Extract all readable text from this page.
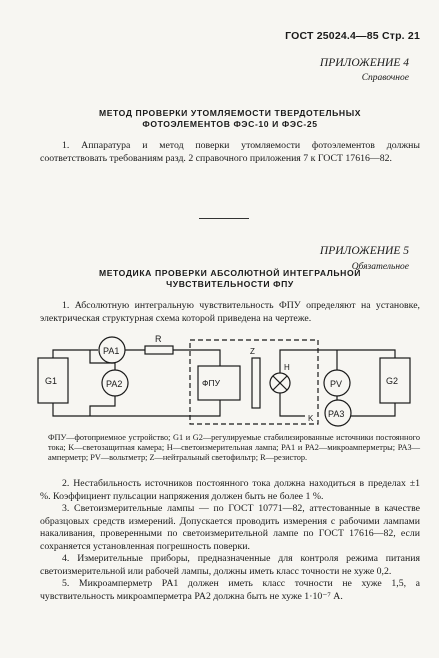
ГОСТ 25024.4—85 Стр. 21
ПРИЛОЖЕНИЕ 4
Справочное
МЕТОД ПРОВЕРКИ УТОМЛЯЕМОСТИ ТВЕРДОТЕЛЬНЫХ
ФОТОЭЛЕМЕНТОВ ФЭС-10 И ФЭС-25

1. Аппаратура и метод поверки утомляемости фотоэлементов должны соответствовать требованиям разд. 2 справочного приложения 7 к ГОСТ 17616—82.

ПРИЛОЖЕНИЕ 5
Обязательное
МЕТОДИКА ПРОВЕРКИ АБСОЛЮТНОЙ ИНТЕГРАЛЬНОЙ
ЧУВСТВИТЕЛЬНОСТИ ФПУ

1. Абсолютную интегральную чувствительность ФПУ определяют на установке, электрическая структурная схема которой приведена на чертеже.

G1	G2
PA1
PA2	PV
R
ФПУ
H
K
Z
PA3
ФПУ—фотоприемное устройство; G1 и G2—регулируемые стабилизированные источники постоянного тока; K—светозащитная камера; H—светоизмерительная лампа; PA1 и PA2—микроамперметры; PA3—амперметр; PV—вольтметр; Z—нейтральный светофильтр; R—резистор.

2. Нестабильность источников постоянного тока должна находиться в пределах ±1 %. Коэффициент пульсации напряжения должен быть не более 1 %.

3. Светоизмерительные лампы — по ГОСТ 10771—82, аттестованные в качестве образцовых средств измерений. Допускается проводить измерения с рабочими лампами накаливания, проверенными по светоизмерительной лампе по ГОСТ 17616—82, если сохраняется установленная погрешность поверки.

4. Измерительные приборы, предназначенные для контроля режима питания светоизмерительной или рабочей лампы, должны иметь класс точности не хуже 0,2.

5. Микроамперметр PA1 должен иметь класс точности не хуже 1,5, а чувствительность микроамперметра PA2 должна быть не хуже 1·10⁻⁷ А.
